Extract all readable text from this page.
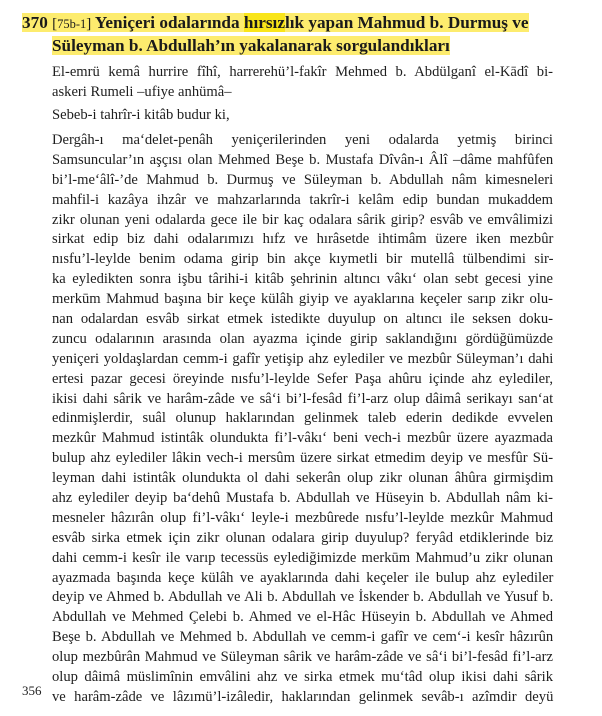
370 [75b-1] Yeniçeri odalarında hırsızlık yapan Mahmud b. Durmuş ve
Süleyman b. Abdullah’ın yakalanarak sorgulandıkları
El-emrü kemâ hurrire fîhî, harrerehü’l-fakîr Mehmed b. Abdülganî el-Kādî bi-
askeri Rumeli –ufiye anhümâ–
Sebeb-i tahrîr-i kitâb budur ki,
Dergâh-ı ma‘delet-penâh yeniçerilerinden yeni odalarda yetmiş birinci
Samsuncular’ın aşçısı olan Mehmed Beşe b. Mustafa Dîvân-ı Âlî –dâme mahfûfen
bi’l-me‘âlî-’de Mahmud b. Durmuş ve Süleyman b. Abdullah nâm kimesneleri
mahfil-i kazâya ihzâr ve mahzarlarında takrîr-i kelâm edip bundan mukaddem
zikr olunan yeni odalarda gece ile bir kaç odalara sârik girip? esvâb ve emvâlimizi
sirkat edip biz dahi odalarımızı hıfz ve hırâsetde ihtimâm üzere iken mezbûr
nısfu’l-leylde benim odama girip bin akçe kıymetli bir mutellâ tülbendimi sir-
ka eyledikten sonra işbu târihi-i kitâb şehrinin altıncı vâkı‘ olan sebt gecesi yine
merkūm Mahmud başına bir keçe külâh giyip ve ayaklarına keçeler sarıp zikr olu-
nan odalardan esvâb sirkat etmek istedikte duyulup on altıncı ile seksen doku-
zuncu odalarının arasında olan ayazma içinde girip saklandığını gördüğümüzde
yeniçeri yoldaşlardan cemm-i gafîr yetişip ahz eylediler ve mezbûr Süleyman’ı dahi
ertesi pazar gecesi öreyinde nısfu’l-leylde Sefer Paşa ahûru içinde ahz eylediler,
ikisi dahi sârik ve harâm-zâde ve sâ‘i bi’l-fesâd fi’l-arz olup dâimâ serikayı san‘at
edinmişlerdir, suâl olunup haklarından gelinmek taleb ederin dedikde evvelen
mezkûr Mahmud istintâk olundukta fi’l-vâkı‘ beni vech-i mezbûr üzere ayazmada
bulup ahz eylediler lâkin vech-i mersûm üzere sirkat etmedim deyip ve mesfûr Sü-
leyman dahi istintâk olundukta ol dahi sekerân olup zikr olunan âhûra girmişdim
ahz eylediler deyip ba‘dehû Mustafa b. Abdullah ve Hüseyin b. Abdullah nâm ki-
mesneler hâzırân olup fi’l-vâkı‘ leyle-i mezbûrede nısfu’l-leylde mezkûr Mahmud
esvâb sirka etmek için zikr olunan odalara girip duyulup? feryâd etdiklerinde biz
dahi cemm-i kesîr ile varıp tecessüs eylediğimizde merkūm Mahmud’u zikr olunan
ayazmada başında keçe külâh ve ayaklarında dahi keçeler ile bulup ahz eylediler
deyip ve Ahmed b. Abdullah ve Ali b. Abdullah ve İskender b. Abdullah ve Yusuf b.
Abdullah ve Mehmed Çelebi b. Ahmed ve el-Hâc Hüseyin b. Abdullah ve Ahmed
Beşe b. Abdullah ve Mehmed b. Abdullah ve cemm-i gafîr ve cem‘-i kesîr hâzırûn
olup mezbûrân Mahmud ve Süleyman sârik ve harâm-zâde ve sâ‘i bi’l-fesâd fi’l-arz
olup dâimâ müslimînin emvâlini ahz ve sirka etmek mu‘tâd olup ikisi dahi sârik
ve harâm-zâde ve lâzımü’l-izâledir, haklarından gelinmek sevâb-ı azîmdir deyü
356
